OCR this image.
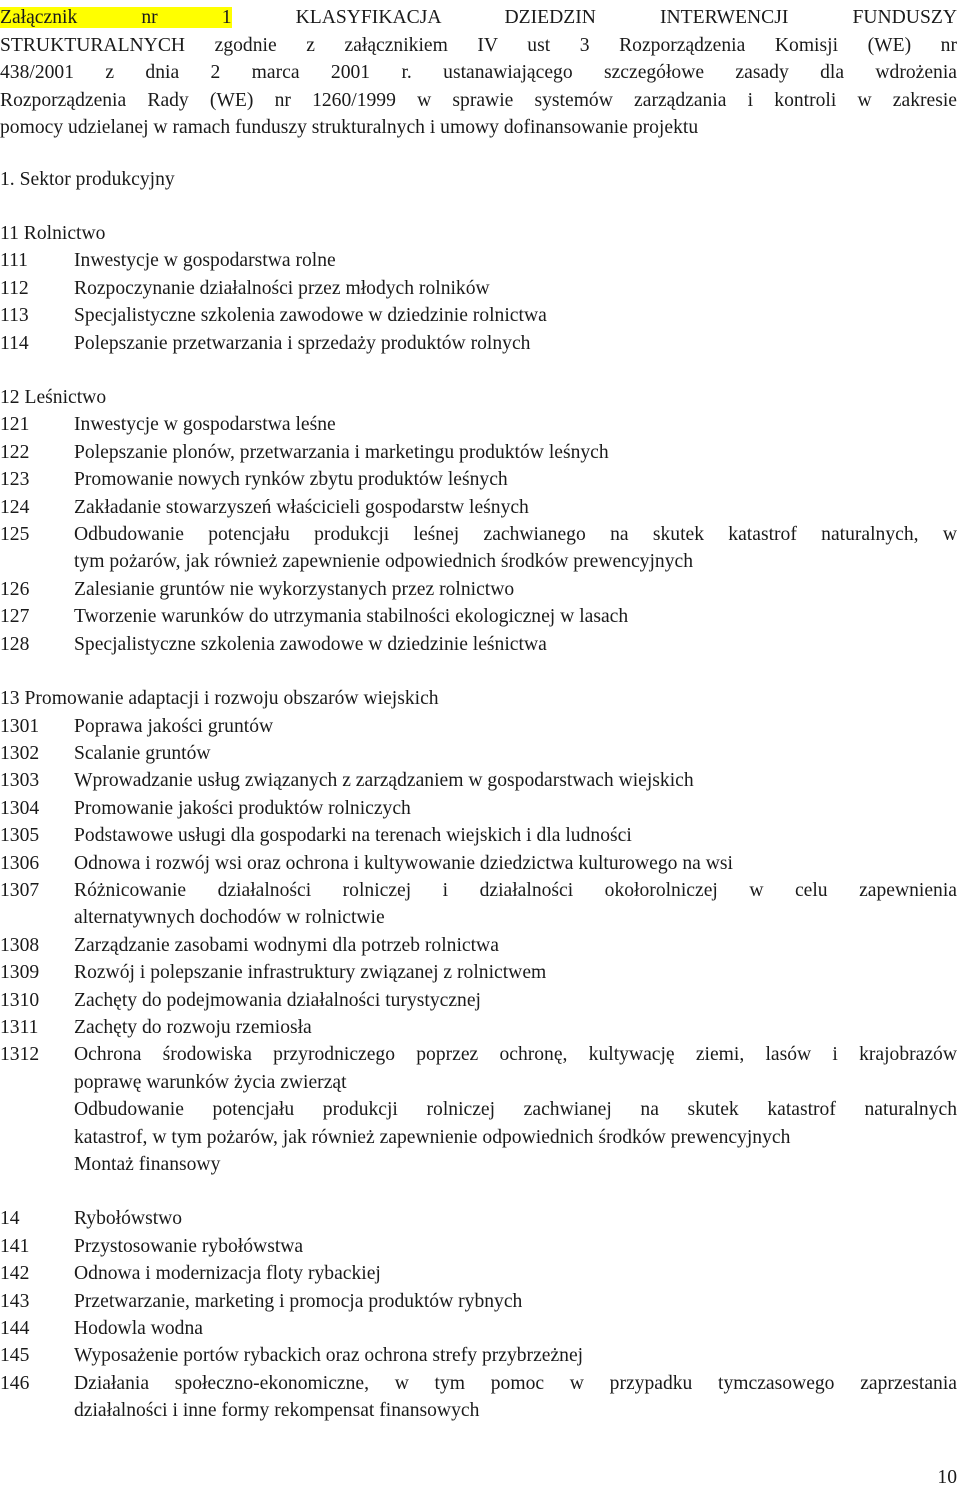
Załącznik nr 1	KLASYFIKACJA DZIEDZIN INTERWENCJI FUNDUSZY
STRUKTURALNYCH zgodnie z załącznikiem IV ust 3 Rozporządzenia Komisji (WE) nr
438/2001 z dnia 2 marca 2001 r. ustanawiającego szczegółowe zasady dla wdrożenia
Rozporządzenia Rady (WE) nr 1260/1999 w sprawie systemów zarządzania i kontroli w zakresie
pomocy udzielanej w ramach funduszy strukturalnych i umowy dofinansowanie projektu
1. Sektor produkcyjny
11 Rolnictwo
111	Inwestycje w gospodarstwa rolne
112	Rozpoczynanie działalności przez młodych rolników
113	Specjalistyczne szkolenia zawodowe w dziedzinie rolnictwa
114	Polepszanie przetwarzania i sprzedaży produktów rolnych
12 Leśnictwo
121	Inwestycje w gospodarstwa leśne
122	Polepszanie plonów, przetwarzania i marketingu produktów leśnych
123	Promowanie nowych rynków zbytu produktów leśnych
124	Zakładanie stowarzyszeń właścicieli gospodarstw leśnych
125	Odbudowanie potencjału produkcji leśnej zachwianego na skutek katastrof naturalnych, w
tym pożarów, jak również zapewnienie odpowiednich środków prewencyjnych
126	Zalesianie gruntów nie wykorzystanych przez rolnictwo
127	Tworzenie warunków do utrzymania stabilności ekologicznej w lasach
128	Specjalistyczne szkolenia zawodowe w dziedzinie leśnictwa
13 Promowanie adaptacji i rozwoju obszarów wiejskich
1301	Poprawa jakości gruntów
1302	Scalanie gruntów
1303	Wprowadzanie usług związanych z zarządzaniem w gospodarstwach wiejskich
1304	Promowanie jakości produktów rolniczych
1305	Podstawowe usługi dla gospodarki na terenach wiejskich i dla ludności
1306	Odnowa i rozwój wsi oraz ochrona i kultywowanie dziedzictwa kulturowego na wsi
1307	Różnicowanie działalności rolniczej i działalności okołorolniczej w celu zapewnienia
alternatywnych dochodów w rolnictwie
1308	Zarządzanie zasobami wodnymi dla potrzeb rolnictwa
1309	Rozwój i polepszanie infrastruktury związanej z rolnictwem
1310	Zachęty do podejmowania działalności turystycznej
1311	Zachęty do rozwoju rzemiosła
1312	Ochrona środowiska przyrodniczego poprzez ochronę, kultywację ziemi, lasów i krajobrazów
poprawę warunków życia zwierząt
Odbudowanie potencjału produkcji rolniczej zachwianej na skutek katastrof naturalnych
katastrof, w tym pożarów, jak również zapewnienie odpowiednich środków prewencyjnych
Montaż finansowy
14	Rybołówstwo
141	Przystosowanie rybołówstwa
142	Odnowa i modernizacja floty rybackiej
143	Przetwarzanie, marketing i promocja produktów rybnych
144	Hodowla wodna
145	Wyposażenie portów rybackich oraz ochrona strefy przybrzeżnej
146	Działania społeczno-ekonomiczne, w tym pomoc w przypadku tymczasowego zaprzestania
działalności i inne formy rekompensat finansowych
10
